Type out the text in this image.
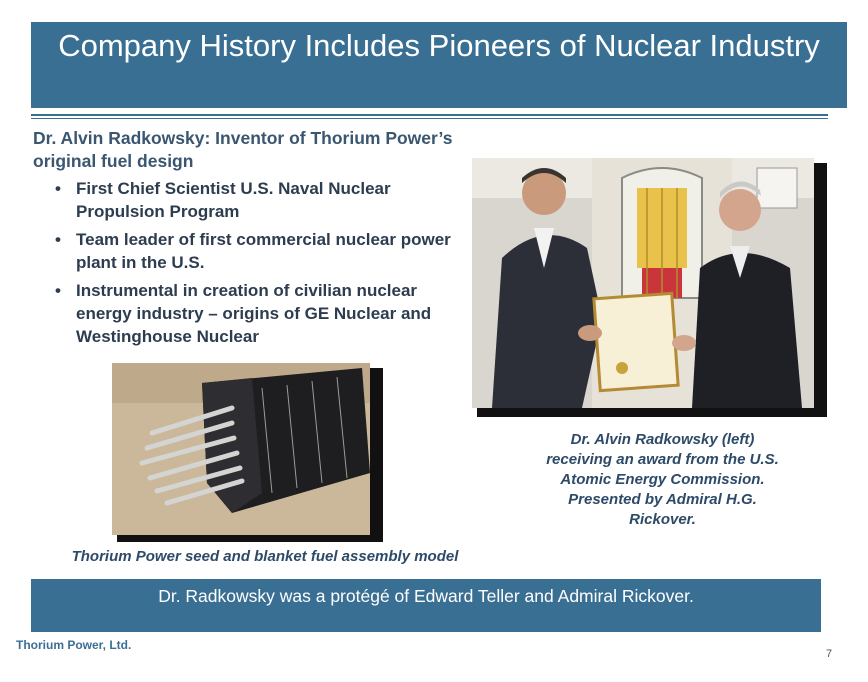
Company History Includes Pioneers of Nuclear Industry
Dr. Alvin Radkowsky: Inventor of Thorium Power’s original fuel design
• First Chief Scientist U.S. Naval Nuclear Propulsion Program
• Team leader of first commercial nuclear power plant in the U.S.
• Instrumental in creation of civilian nuclear energy industry – origins of GE Nuclear and Westinghouse Nuclear
Dr. Alvin Radkowsky (left) receiving an award from the U.S. Atomic Energy Commission. Presented by Admiral H.G. Rickover.
Thorium Power seed and blanket fuel assembly model
Dr. Radkowsky was a protégé of Edward Teller and Admiral Rickover.
Thorium Power, Ltd.
7
